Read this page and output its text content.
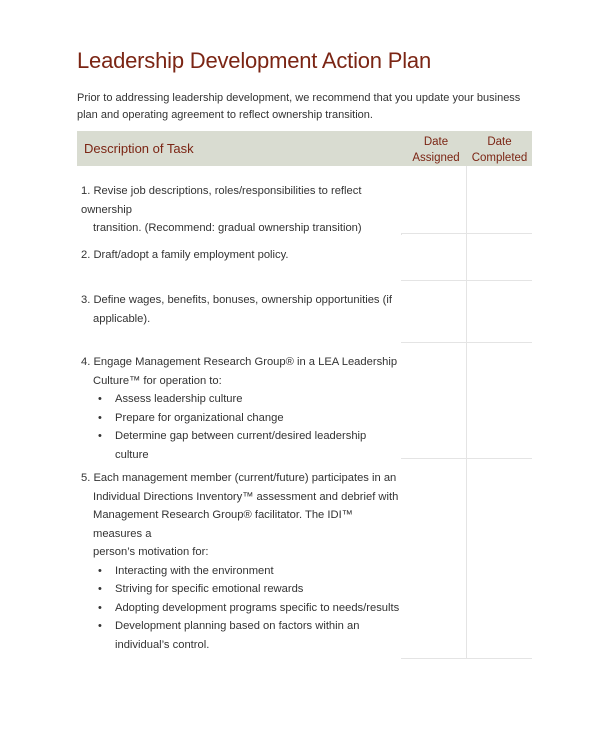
Leadership Development Action Plan
Prior to addressing leadership development, we recommend that you update your business plan and operating agreement to reflect ownership transition.
Description of Task	Date
Assigned
Date
Completed

1. Revise job descriptions, roles/responsibilities to reflect ownership

transition. (Recommend: gradual ownership transition)

2. Draft/adopt a family employment policy.

3. Define wages, benefits, bonuses, ownership opportunities (if

applicable).

4. Engage Management Research Group® in a LEA Leadership

Culture™ for operation to:

• Assess leadership culture
• Prepare for organizational change
• Determine gap between current/desired leadership culture

5. Each management member (current/future) participates in an

Individual Directions Inventory™ assessment and debrief with

Management Research Group® facilitator. The IDI™ measures a

person’s motivation for:

• Interacting with the environment
• Striving for specific emotional rewards
• Adopting development programs specific to needs/results
• Development planning based on factors within an
individual’s control.
